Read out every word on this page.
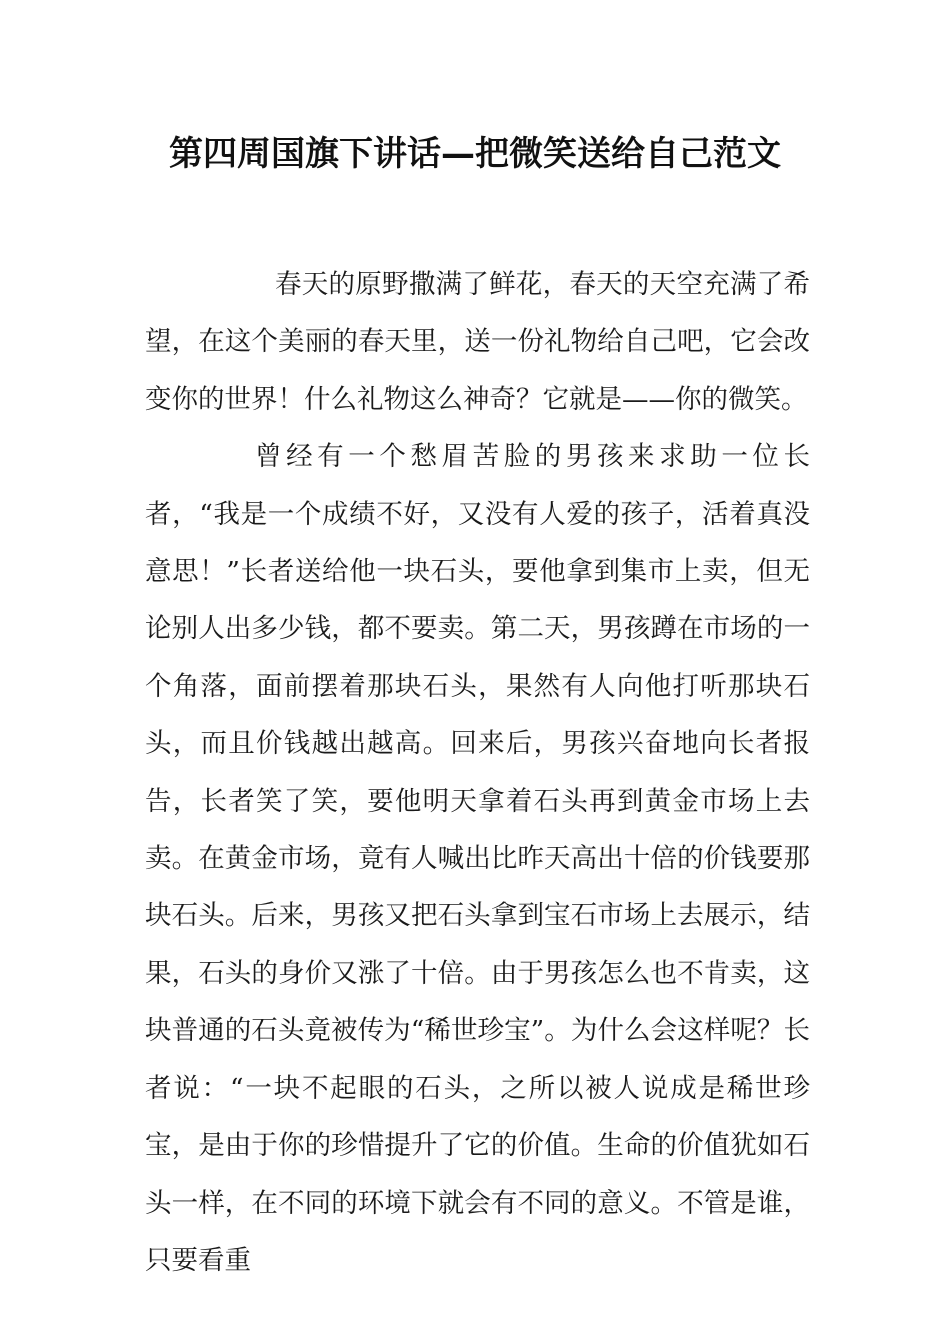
第四周国旗下讲话—把微笑送给自己范文

春天的原野撒满了鲜花，春天的天空充满了希望，在这个美丽的春天里，送一份礼物给自己吧，它会改变你的世界！什么礼物这么神奇？它就是——你的微笑。

曾经有一个愁眉苦脸的男孩来求助一位长者，“我是一个成绩不好，又没有人爱的孩子，活着真没意思！”长者送给他一块石头，要他拿到集市上卖，但无论别人出多少钱，都不要卖。第二天，男孩蹲在市场的一个角落，面前摆着那块石头，果然有人向他打听那块石头，而且价钱越出越高。回来后，男孩兴奋地向长者报告，长者笑了笑，要他明天拿着石头再到黄金市场上去卖。在黄金市场，竟有人喊出比昨天高出十倍的价钱要那块石头。后来，男孩又把石头拿到宝石市场上去展示，结果，石头的身价又涨了十倍。由于男孩怎么也不肯卖，这块普通的石头竟被传为“稀世珍宝”。为什么会这样呢？长者说：“一块不起眼的石头，之所以被人说成是稀世珍宝，是由于你的珍惜提升了它的价值。生命的价值犹如石头一样，在不同的环境下就会有不同的意义。不管是谁，只要看重
